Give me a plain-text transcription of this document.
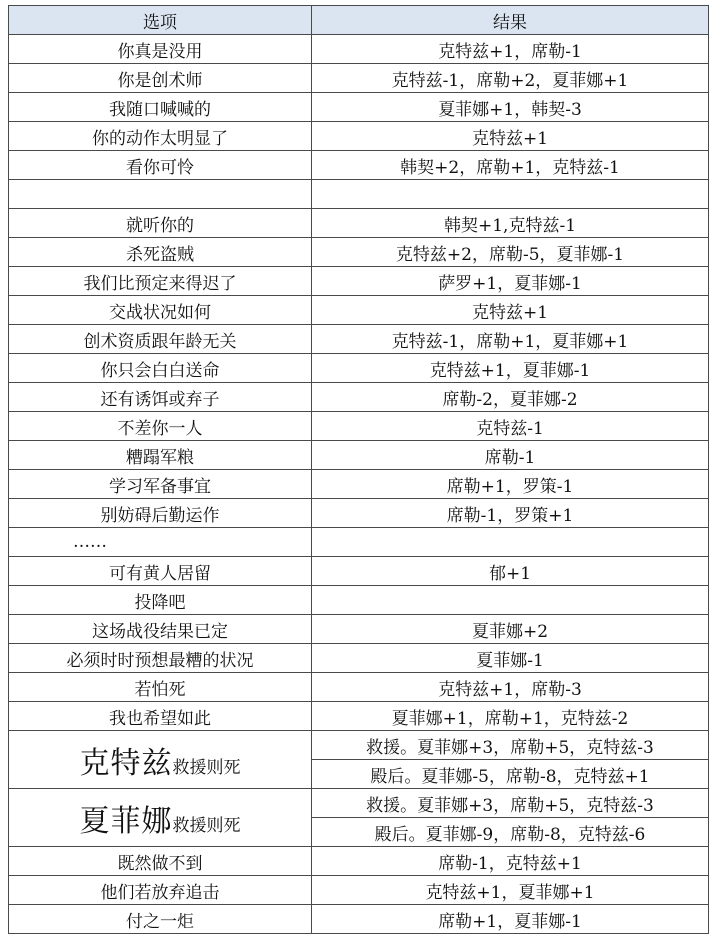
选项	结果
你真是没用	克特兹+1，席勒-1
你是创术师	克特兹-1，席勒+2，夏菲娜+1
我随口喊喊的	夏菲娜+1，韩契-3
你的动作太明显了	克特兹+1
看你可怜	韩契+2，席勒+1，克特兹-1

就听你的	韩契+1,克特兹-1
杀死盗贼	克特兹+2，席勒-5，夏菲娜-1
我们比预定来得迟了	萨罗+1，夏菲娜-1
交战状况如何	克特兹+1
创术资质跟年龄无关	克特兹-1，席勒+1，夏菲娜+1
你只会白白送命	克特兹+1，夏菲娜-1
还有诱饵或弃子	席勒-2，夏菲娜-2
不差你一人	克特兹-1
糟蹋军粮	席勒-1
学习军备事宜	席勒+1，罗策-1
别妨碍后勤运作	席勒-1，罗策+1
……	
可有黄人居留	郁+1
投降吧	
这场战役结果已定	夏菲娜+2
必须时时预想最糟的状况	夏菲娜-1
若怕死	克特兹+1，席勒-3
我也希望如此	夏菲娜+1，席勒+1，克特兹-2
克特兹救援则死	救援。夏菲娜+3，席勒+5，克特兹-3
	殿后。夏菲娜-5，席勒-8，克特兹+1
夏菲娜救援则死	救援。夏菲娜+3，席勒+5，克特兹-3
	殿后。夏菲娜-9，席勒-8，克特兹-6
既然做不到	席勒-1，克特兹+1
他们若放弃追击	克特兹+1，夏菲娜+1
付之一炬	席勒+1，夏菲娜-1
